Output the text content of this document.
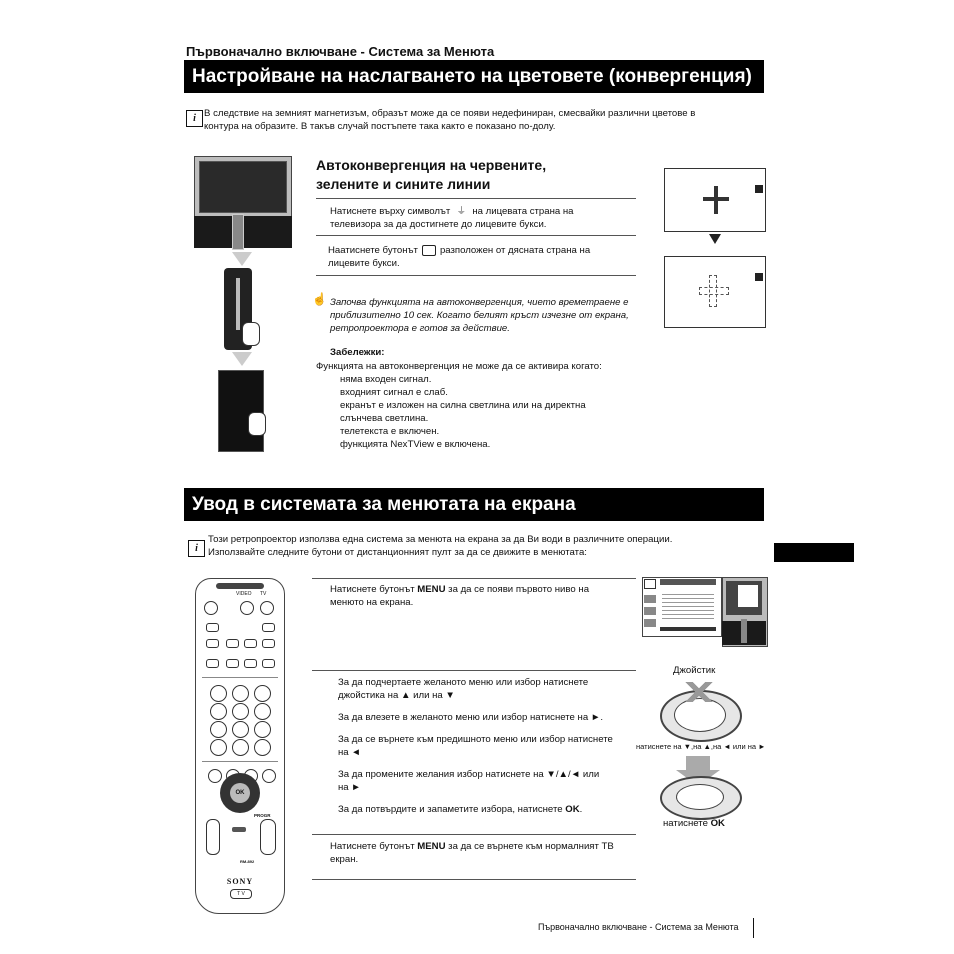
Първоначално включване - Система за Менюта
Настройване на наслагването на цветовете (конвергенция)
i В следствие на земният магнетизъм, образът може да се появи недефиниран, смесвайки различни цветове в
контура на образите. В такъв случай постъпете така както е показано по-долу.
Автоконвергенция на червените,
зелените и сините линии
Натиснете върху символът ⏚ на лицевата страна на
телевизора за да достигнете до лицевите букси.
Наатиснете бутонът разположен от дясната страна на
лицевите букси.
☝ Започва функцията на автоконвергенция, чието времетраене е
приблизително 10 сек. Когато белият кръст изчезне от екрана,
ретропроектора е готов за действие.
Забележки:
Функцията на автоконвергенция не може да се активира когато:
няма входен сигнал.
входният сигнал е слаб.
екранът е изложен на силна светлина или на директна
слънчева светлина.
телетекста е включен.
функцията NexTView е включена.
Увод в системата за менютата на екрана
i
Този ретропроектор използва една система за менюта на екрана за да Ви води в различните операции.
Използвайте следните бутони от дистанционният пулт за да се движите в менютата:
VIDEO TV
OK
PROGR
RM-892
SONY
T V
Натиснете бутонът MENU за да се появи първото ниво на
менюто на екрана.
За да подчертаете желаното меню или избор натиснете
джойстика на ▲ или на ▼
За да влезете в желаното меню или избор натиснете на ►.
За да се върнете към предишното меню или избор натиснете
на ◄
За да промените желания избор натиснете на ▼/▲/◄ или
на ►
За да потвърдите и запаметите избора, натиснете OK.
Натиснете бутонът MENU за да се върнете към нормалният ТВ
екран.
Джойстик
натиснете на ▼,на ▲,на ◄ или на ►
натиснете OK
Първоначално включване - Система за Менюта
